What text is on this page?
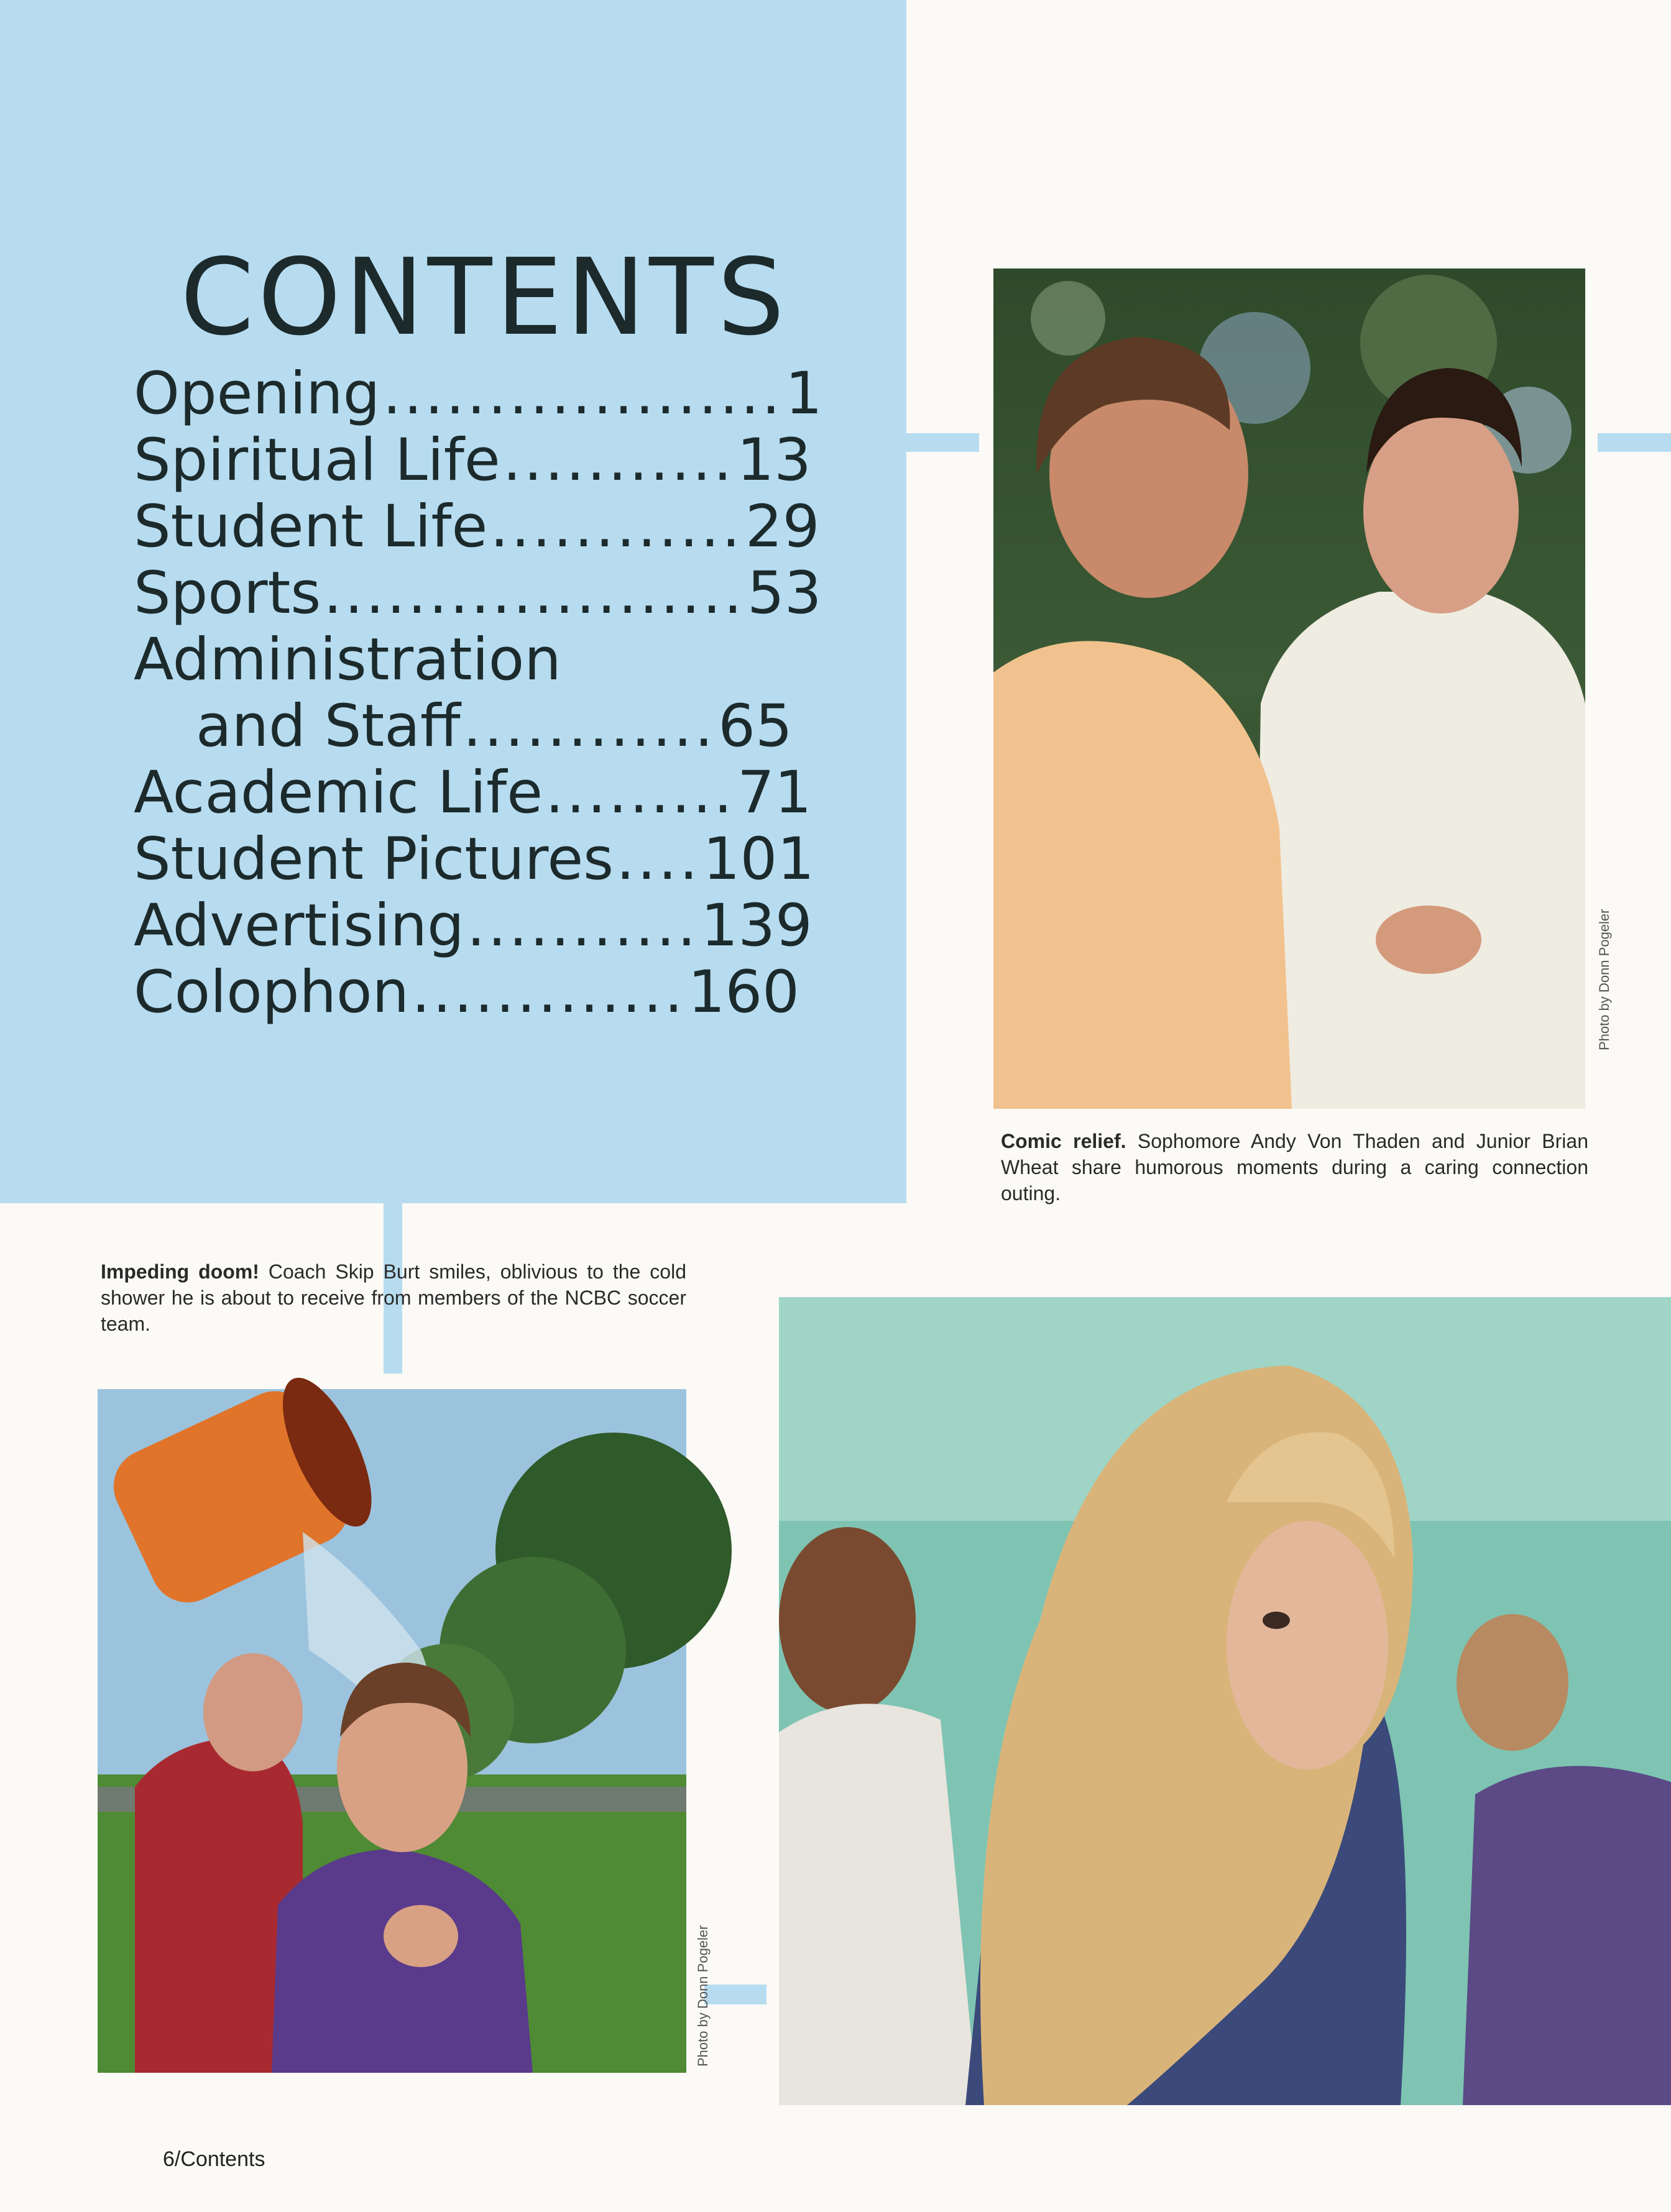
CONTENTS
Opening ................... 1
Spiritual Life ........... 13
Student Life ............ 29
Sports .................... 53
Administration
and Staff ............ 65
Academic Life ......... 71
Student Pictures .... 101
Advertising ........... 139
Colophon ............. 160	Photo by Donn Pogeler

Comic relief. Sophomore Andy Von Thaden and Junior Brian Wheat share humorous moments during a caring connection outing.

Impeding doom! Coach Skip Burt smiles, oblivious to the cold shower he is about to receive from members of the NCBC soccer team.

Photo by Donn Pogeler
6/Contents
